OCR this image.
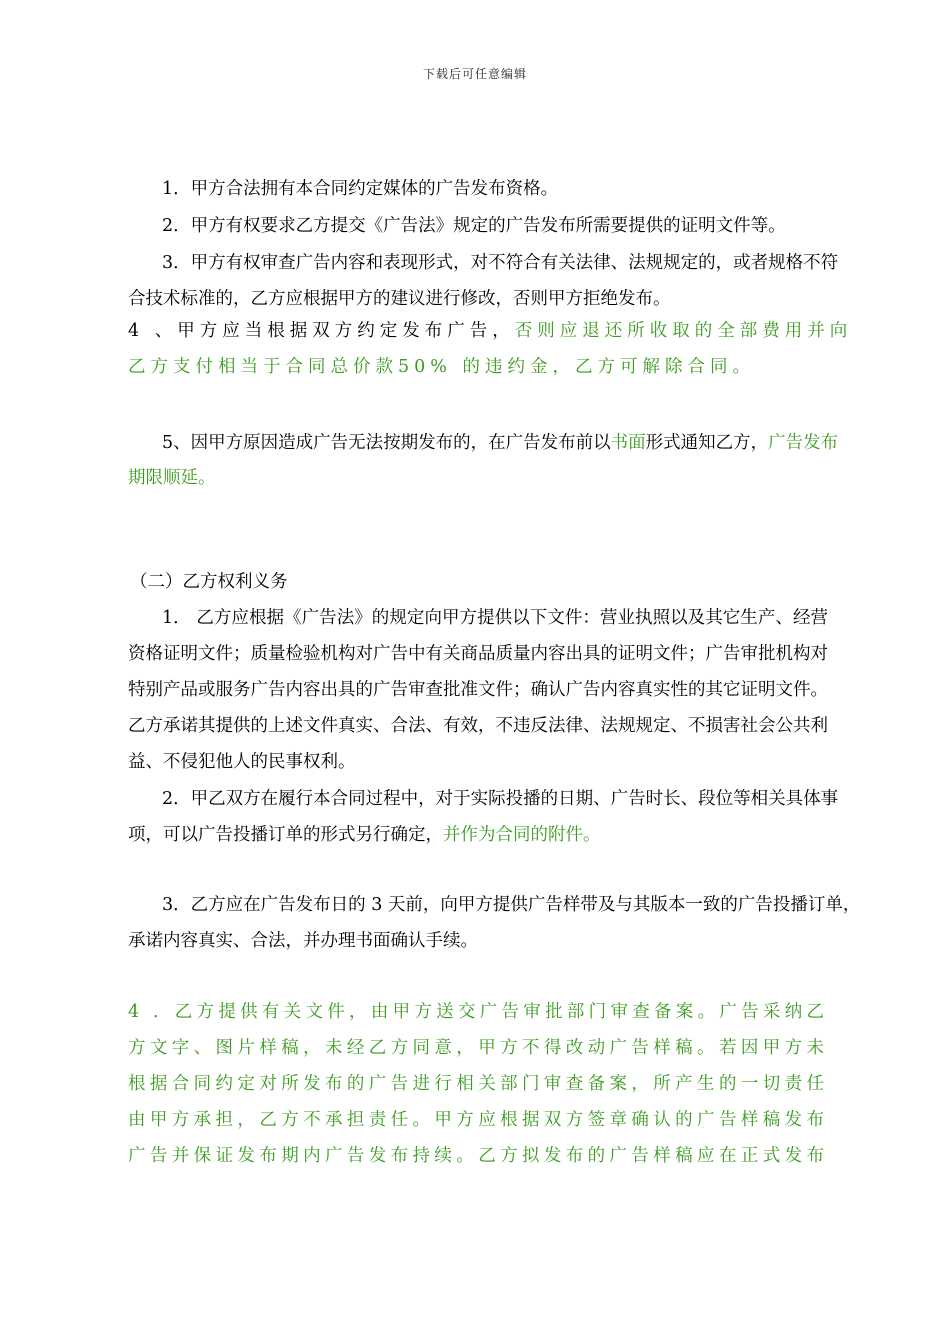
下载后可任意编辑
1．甲方合法拥有本合同约定媒体的广告发布资格。
2．甲方有权要求乙方提交《广告法》规定的广告发布所需要提供的证明文件等。
3．甲方有权审查广告内容和表现形式，对不符合有关法律、法规规定的，或者规格不符
合技术标准的，乙方应根据甲方的建议进行修改，否则甲方拒绝发布。
4 、甲方应当根据双方约定发布广告，否则应退还所收取的全部费用并向
乙方支付相当于合同总价款50% 的违约金，乙方可解除合同。
5、因甲方原因造成广告无法按期发布的，在广告发布前以书面形式通知乙方，广告发布
期限顺延。
（二）乙方权利义务
1． 乙方应根据《广告法》的规定向甲方提供以下文件：营业执照以及其它生产、经营
资格证明文件；质量检验机构对广告中有关商品质量内容出具的证明文件；广告审批机构对
特别产品或服务广告内容出具的广告审查批准文件；确认广告内容真实性的其它证明文件。
乙方承诺其提供的上述文件真实、合法、有效，不违反法律、法规规定、不损害社会公共利
益、不侵犯他人的民事权利。
2．甲乙双方在履行本合同过程中，对于实际投播的日期、广告时长、段位等相关具体事
项，可以广告投播订单的形式另行确定，并作为合同的附件。
3．乙方应在广告发布日的 3 天前，向甲方提供广告样带及与其版本一致的广告投播订单，
承诺内容真实、合法，并办理书面确认手续。
4 ．乙方提供有关文件，由甲方送交广告审批部门审查备案。广告采纳乙
方文字、图片样稿，未经乙方同意，甲方不得改动广告样稿。若因甲方未
根据合同约定对所发布的广告进行相关部门审查备案，所产生的一切责任
由甲方承担，乙方不承担责任。甲方应根据双方签章确认的广告样稿发布
广告并保证发布期内广告发布持续。乙方拟发布的广告样稿应在正式发布
